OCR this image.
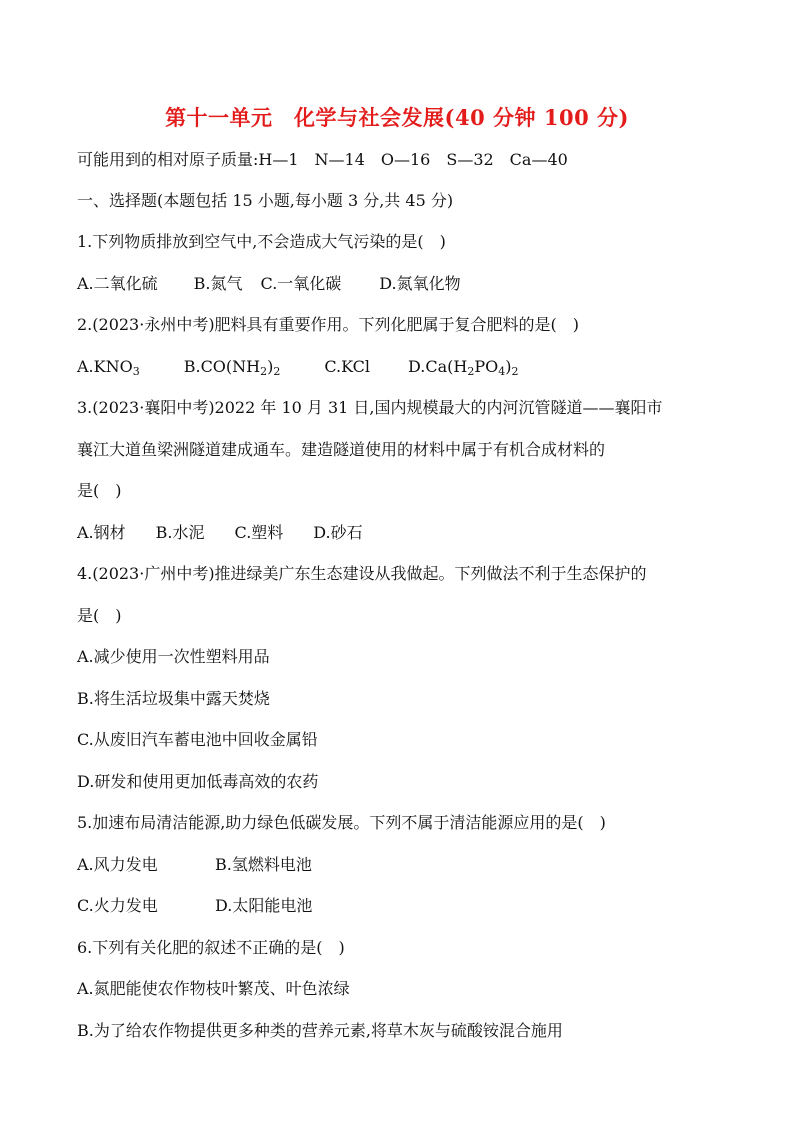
第十一单元　化学与社会发展(40 分钟 100 分)
可能用到的相对原子质量:H—1　N—14　O—16　S—32　Ca—40
一、选择题(本题包括 15 小题,每小题 3 分,共 45 分)
1.下列物质排放到空气中,不会造成大气污染的是(　)
A.二氧化硫 B.氮气 C.一氧化碳 D.氮氧化物
2.(2023·永州中考)肥料具有重要作用。下列化肥属于复合肥料的是(　)
$A.KNO_3$	$B.CO(NH_2)_2$	C.KCl $D.Ca(H_2PO_4)_2$
3.(2023·襄阳中考)2022 年 10 月 31 日,国内规模最大的内河沉管隧道——襄阳市
襄江大道鱼梁洲隧道建成通车。建造隧道使用的材料中属于有机合成材料的
是(　)
A.钢材 B.水泥 C.塑料 D.砂石
4.(2023·广州中考)推进绿美广东生态建设从我做起。下列做法不利于生态保护的
是(　)
A.减少使用一次性塑料用品
B.将生活垃圾集中露天焚烧
C.从废旧汽车蓄电池中回收金属铅
D.研发和使用更加低毒高效的农药
5.加速布局清洁能源,助力绿色低碳发展。下列不属于清洁能源应用的是(　)
A.风力发电	B.氢燃料电池
C.火力发电	D.太阳能电池
6.下列有关化肥的叙述不正确的是(　)
A.氮肥能使农作物枝叶繁茂、叶色浓绿
B.为了给农作物提供更多种类的营养元素,将草木灰与硫酸铵混合施用
